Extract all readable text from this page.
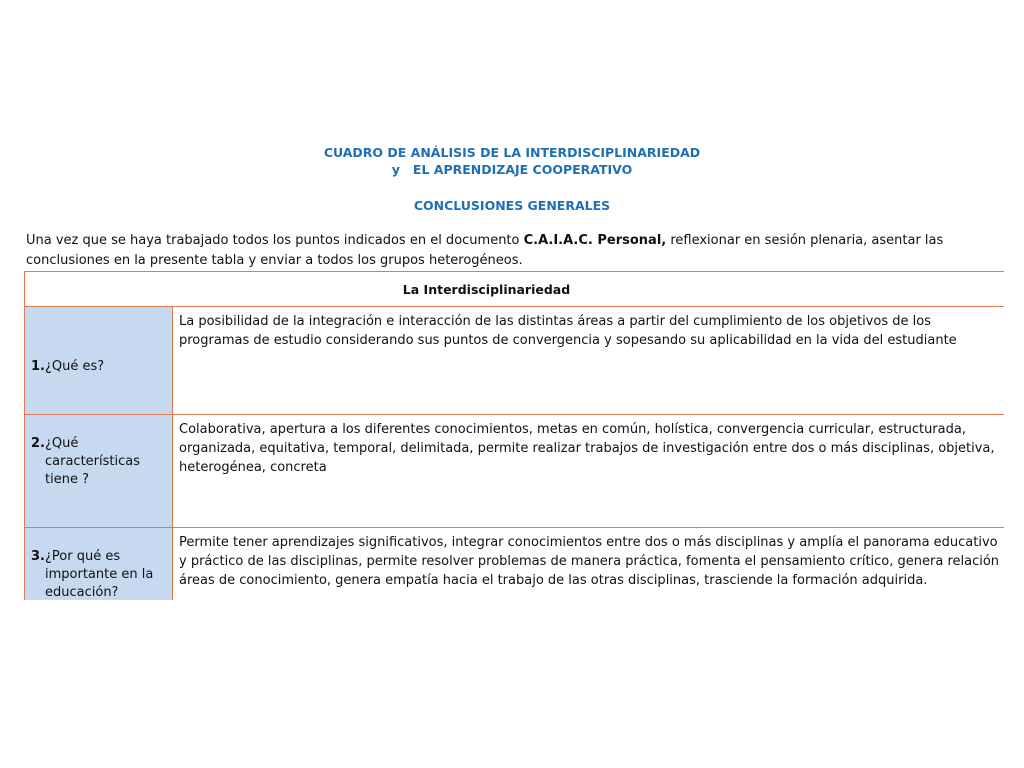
CUADRO DE ANÁLISIS DE LA INTERDISCIPLINARIEDAD
y   EL APRENDIZAJE COOPERATIVO
CONCLUSIONES GENERALES
Una vez que se haya trabajado todos los puntos indicados en el documento C.A.I.A.C. Personal, reflexionar en sesión plenaria, asentar las
conclusiones en la presente tabla y enviar a todos los grupos heterogéneos.
La Interdisciplinariedad	

1. ¿Qué es?	La posibilidad de la integración e interacción de las distintas áreas a partir del cumplimiento de los objetivos de los
programas de estudio considerando sus puntos de convergencia y sopesando su aplicabilidad en la vida del estudiante

2. ¿Qué características tiene ?	Colaborativa, apertura a los diferentes conocimientos, metas en común, holística, convergencia curricular, estructurada,
organizada, equitativa, temporal, delimitada, permite realizar trabajos de investigación entre dos o más disciplinas, objetiva,
heterogénea, concreta

3. ¿Por qué es importante en la educación?	Permite tener aprendizajes significativos, integrar conocimientos entre dos o más disciplinas y amplía el panorama educativo
y práctico de las disciplinas, permite resolver problemas de manera práctica, fomenta el pensamiento crítico, genera relación
áreas de conocimiento, genera empatía hacia el trabajo de las otras disciplinas, trasciende la formación adquirida.
